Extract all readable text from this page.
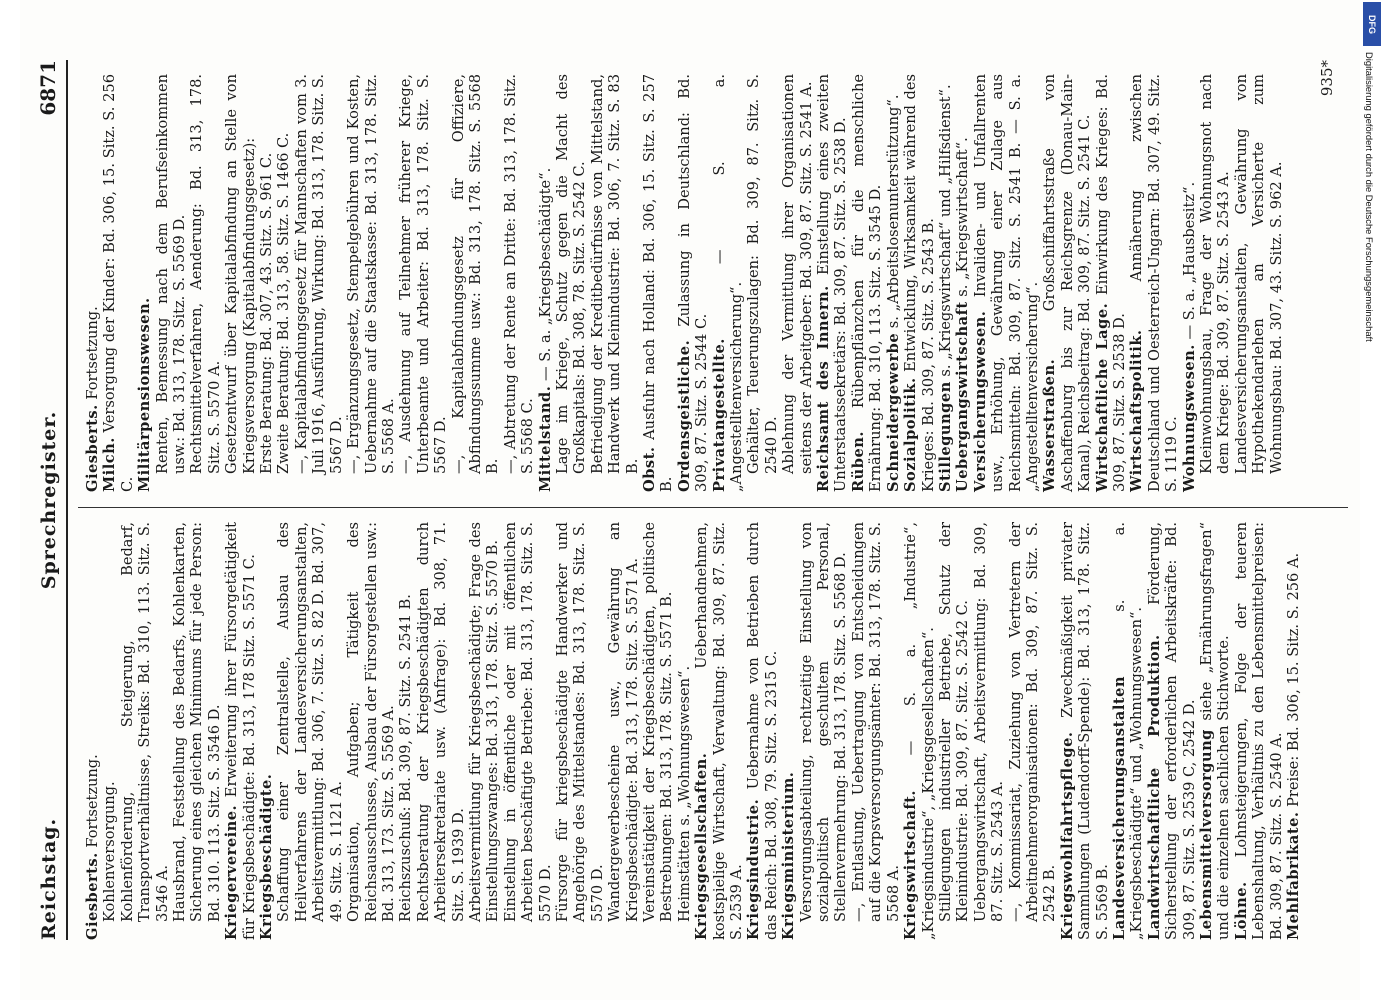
DFG
Digitalisierung gefördert durch die Deutsche Forschungsgemeinschaft
Reichstag.
Sprechregister.
6871

Giesberts. Fortsetzung. Kohlenversorgung. Kohlenförderung, Steigerung, Bedarf, Transportverhältnisse, Streiks: Bd. 310, 113. Sitz. S. 3546 A. Hausbrand, Feststellung des Bedarfs, Kohlenkarten, Sicherung eines gleichen Minimums für jede Person: Bd. 310. 113. Sitz. S. 3546 D. Kriegervereine. Erweiterung ihrer Fürsorgetätigkeit für Kriegsbeschädigte: Bd. 313, 178 Sitz. S. 5571 C. Kriegsbeschädigte. Schaffung einer Zentralstelle, Ausbau des Heilverfahrens der Landesversicherungsanstalten, Arbeitsvermittlung: Bd. 306, 7. Sitz. S. 82 D. Bd. 307, 49. Sitz. S. 1121 A. Organisation, Aufgaben; Tätigkeit des Reichsausschusses, Ausbau der Fürsorgestellen usw.: Bd. 313, 173. Sitz. S. 5569 A. Reichszuschuß: Bd. 309, 87. Sitz. S. 2541 B. Rechtsberatung der Kriegsbeschädigten durch Arbeitersekretariate usw. (Anfrage): Bd. 308, 71. Sitz. S. 1939 D. Arbeitsvermittlung für Kriegsbeschädigte; Frage des Einstellungszwanges: Bd. 313, 178. Sitz. S. 5570 B. Einstellung in öffentliche oder mit öffentlichen Arbeiten beschäftigte Betriebe: Bd. 313, 178. Sitz. S. 5570 D. Fürsorge für kriegsbeschädigte Handwerker und Angehörige des Mittelstandes: Bd. 313, 178. Sitz. S. 5570 D. Wandergewerbescheine usw., Gewährung an Kriegsbeschädigte: Bd. 313, 178. Sitz. S. 5571 A. Vereinstätigkeit der Kriegsbeschädigten, politische Bestrebungen: Bd. 313, 178. Sitz. S. 5571 B. Heimstätten s. „Wohnungswesen“. Kriegsgesellschaften. Ueberhandnehmen, kostspielige Wirtschaft, Verwaltung: Bd. 309, 87. Sitz. S. 2539 A. Kriegsindustrie. Uebernahme von Betrieben durch das Reich: Bd. 308, 79. Sitz. S. 2315 C. Kriegsministerium. Versorgungsabteilung, rechtzeitige Einstellung von sozialpolitisch geschultem Personal, Stellenvermehrung: Bd. 313, 178. Sitz. S. 5568 D. —, Entlastung, Uebertragung von Entscheidungen auf die Korpsversorgungsämter: Bd. 313, 178. Sitz. S. 5568 A. Kriegswirtschaft. — S. a. „Industrie“, „Kriegsindustrie“, „Kriegsgesellschaften“. Stillegungen industrieller Betriebe, Schutz der Kleinindustrie: Bd. 309, 87. Sitz. S. 2542 C. Uebergangswirtschaft, Arbeitsvermittlung: Bd. 309, 87. Sitz. S. 2543 A. —, Kommissariat, Zuziehung von Vertretern der Arbeitnehmerorganisationen: Bd. 309, 87. Sitz. S. 2542 B. Kriegswohlfahrtspflege. Zweckmäßigkeit privater Sammlungen (Ludendorff-Spende): Bd. 313, 178. Sitz. S. 5569 B. Landesversicherungsanstalten s. a. „Kriegsbeschädigte“ und „Wohnungswesen“. Landwirtschaftliche Produktion. Förderung, Sicherstellung der erforderlichen Arbeitskräfte: Bd. 309, 87. Sitz. S. 2539 C, 2542 D. Lebensmittelversorgung siehe „Ernährungsfragen“ und die einzelnen sachlichen Stichworte. Löhne. Lohnsteigerungen, Folge der teueren Lebenshaltung, Verhältnis zu den Lebensmittelpreisen: Bd. 309, 87. Sitz. S. 2540 A. Mehlfabrikate. Preise: Bd. 306, 15. Sitz. S. 256 A.

Giesberts. Fortsetzung.

Milch. Versorgung der Kinder: Bd. 306, 15. Sitz. S. 256 C. Militärpensionswesen. Renten, Bemessung nach dem Berufseinkommen usw.: Bd. 313, 178. Sitz. S. 5569 D. Rechtsmittelverfahren, Aenderung: Bd. 313, 178. Sitz. S. 5570 A. Gesetzentwurf über Kapitalabfindung an Stelle von Kriegsversorgung (Kapitalabfindungsgesetz): Erste Beratung: Bd. 307, 43. Sitz. S. 961 C. Zweite Beratung: Bd. 313, 58. Sitz. S. 1466 C. —, Kapitalabfindungsgesetz für Mannschaften vom 3. Juli 1916, Ausführung, Wirkung: Bd. 313, 178. Sitz. S. 5567 D. —, Ergänzungsgesetz, Stempelgebühren und Kosten, Uebernahme auf die Staatskasse: Bd. 313, 178. Sitz. S. 5568 A. —, Ausdehnung auf Teilnehmer früherer Kriege, Unterbeamte und Arbeiter: Bd. 313, 178. Sitz. S. 5567 D. —, Kapitalabfindungsgesetz für Offiziere, Abfindungssumme usw.: Bd. 313, 178. Sitz. S. 5568 B. —, Abtretung der Rente an Dritte: Bd. 313, 178. Sitz. S. 5568 C. Mittelstand. — S. a. „Kriegsbeschädigte“. Lage im Kriege, Schutz gegen die Macht des Großkapitals: Bd. 308, 78. Sitz. S. 2542 C. Befriedigung der Kreditbedürfnisse von Mittelstand, Handwerk und Kleinindustrie: Bd. 306, 7. Sitz. S. 83 B. Obst. Ausfuhr nach Holland: Bd. 306, 15. Sitz. S. 257 B. Ordensgeistliche. Zulassung in Deutschland: Bd. 309, 87. Sitz. S. 2544 C. Privatangestellte. — S. a. „Angestelltenversicherung“. Gehälter, Teuerungszulagen: Bd. 309, 87. Sitz. S. 2540 D. Ablehnung der Vermittlung ihrer Organisationen seitens der Arbeitgeber: Bd. 309, 87. Sitz. S. 2541 A. Reichsamt des Innern. Einstellung eines zweiten Unterstaatssekretärs: Bd. 309, 87. Sitz. S. 2538 D. Rüben. Rübenpflänzchen für die menschliche Ernährung: Bd. 310, 113. Sitz. S. 3545 D. Schneidergewerbe s. „Arbeitslosenunterstützung“.

Sozialpolitik. Entwicklung, Wirksamkeit während des Krieges: Bd. 309, 87. Sitz. S. 2543 B. Stillegungen s. „Kriegswirtschaft“ und „Hilfsdienst“.

Uebergangswirtschaft s. „Kriegswirtschaft“.

Versicherungswesen. Invaliden- und Unfallrenten usw., Erhöhung, Gewährung einer Zulage aus Reichsmitteln: Bd. 309, 87. Sitz. S. 2541 B. — S. a. „Angestelltenversicherung“. Wasserstraßen. Großschiffahrtsstraße von Aschaffenburg bis zur Reichsgrenze (Donau-Main-Kanal), Reichsbeitrag: Bd. 309, 87. Sitz. S. 2541 C. Wirtschaftliche Lage. Einwirkung des Krieges: Bd. 309, 87. Sitz. S. 2538 D. Wirtschaftspolitik. Annäherung zwischen Deutschland und Oesterreich-Ungarn: Bd. 307, 49. Sitz. S. 1119 C. Wohnungswesen. — S. a. „Hausbesitz“. Kleinwohnungsbau, Frage der Wohnungsnot nach dem Kriege: Bd. 309, 87. Sitz. S. 2543 A. Landesversicherungsanstalten, Gewährung von Hypothekendarlehen an Versicherte zum Wohnungsbau: Bd. 307, 43. Sitz. S. 962 A.

935*
